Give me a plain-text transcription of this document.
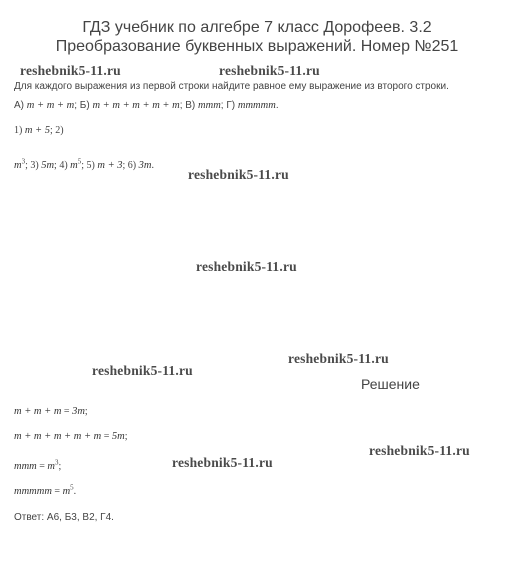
ГДЗ учебник по алгебре 7 класс Дорофеев. 3.2
Преобразование буквенных выражений. Номер №251
reshebnik5-11.ru	reshebnik5-11.ru
reshebnik5-11.ru
reshebnik5-11.ru
reshebnik5-11.ru
reshebnik5-11.ru
reshebnik5-11.ru
reshebnik5-11.ru
Для каждого выражения из первой строки найдите равное ему выражение из второго строки.
А) m + m + m; Б) m + m + m + m + m; В) mmm; Г) mmmmm.
1) m + 5; 2)
$m^3$; 3) 5m; 4) $m^5$; 5) m + 3; 6) 3m.
Решение
m + m + m = 3m;
m + m + m + m + m = 5m;
mmm = $m^3$;
mmmmm = $m^5$.
Ответ: А6, Б3, В2, Г4.
